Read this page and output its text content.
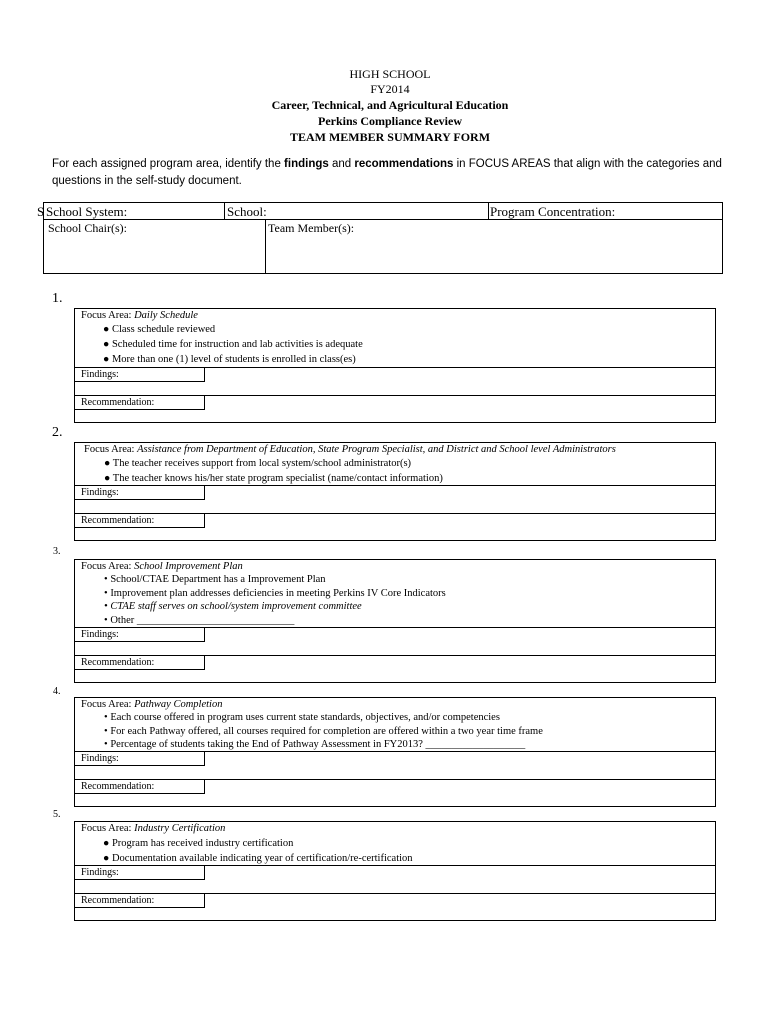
HIGH SCHOOL
FY2014
Career, Technical, and Agricultural Education
Perkins Compliance Review
TEAM MEMBER SUMMARY FORM
For each assigned program area, identify the findings and recommendations in FOCUS AREAS that align with the categories and questions in the self-study document.
S School System:	School:	Program Concentration:
School Chair(s):	Team Member(s):
1.
Focus Area: Daily Schedule
● Class schedule reviewed
● Scheduled time for instruction and lab activities is adequate
● More than one (1) level of students is enrolled in class(es)
Findings:
Recommendation:
2.
Focus Area: Assistance from Department of Education, State Program Specialist, and District and School level Administrators
● The teacher receives support from local system/school administrator(s)
● The teacher knows his/her state program specialist (name/contact information)
Findings:
Recommendation:
3.
Focus Area: School Improvement Plan
• School/CTAE Department has a Improvement Plan
• Improvement plan addresses deficiencies in meeting Perkins IV Core Indicators
• CTAE staff serves on school/system improvement committee
• Other ______________________________
Findings:
Recommendation:
4.
Focus Area: Pathway Completion
• Each course offered in program uses current state standards, objectives, and/or competencies
• For each Pathway offered, all courses required for completion are offered within a two year time frame
• Percentage of students taking the End of Pathway Assessment in FY2013? ___________________
Findings:
Recommendation:
5.
Focus Area: Industry Certification
● Program has received industry certification
● Documentation available indicating year of certification/re-certification
Findings:
Recommendation:
